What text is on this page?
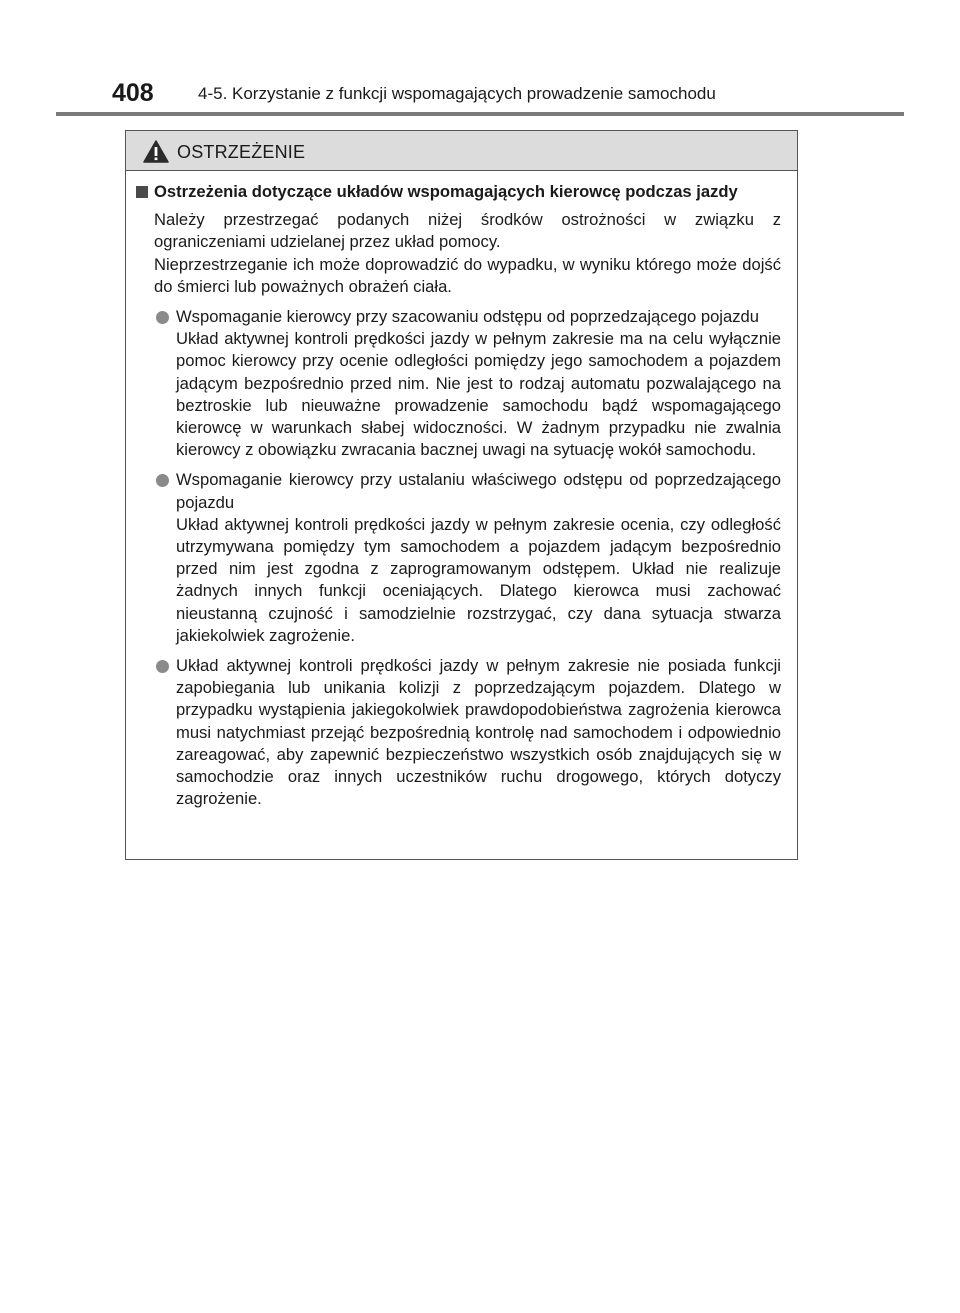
408	4-5. Korzystanie z funkcji wspomagających prowadzenie samochodu
OSTRZEŻENIE
Ostrzeżenia dotyczące układów wspomagających kierowcę podczas jazdy

Należy przestrzegać podanych niżej środków ostrożności w związku z ograniczeniami udzielanej przez układ pomocy.

Nieprzestrzeganie ich może doprowadzić do wypadku, w wyniku którego może dojść do śmierci lub poważnych obrażeń ciała.

Wspomaganie kierowcy przy szacowaniu odstępu od poprzedzającego pojazdu

Układ aktywnej kontroli prędkości jazdy w pełnym zakresie ma na celu wyłącznie pomoc kierowcy przy ocenie odległości pomiędzy jego samochodem a pojazdem jadącym bezpośrednio przed nim. Nie jest to rodzaj automatu pozwalającego na beztroskie lub nieuważne prowadzenie samochodu bądź wspomagającego kierowcę w warunkach słabej widoczności. W żadnym przypadku nie zwalnia kierowcy z obowiązku zwracania bacznej uwagi na sytuację wokół samochodu.

Wspomaganie kierowcy przy ustalaniu właściwego odstępu od poprzedzającego pojazdu

Układ aktywnej kontroli prędkości jazdy w pełnym zakresie ocenia, czy odległość utrzymywana pomiędzy tym samochodem a pojazdem jadącym bezpośrednio przed nim jest zgodna z zaprogramowanym odstępem. Układ nie realizuje żadnych innych funkcji oceniających. Dlatego kierowca musi zachować nieustanną czujność i samodzielnie rozstrzygać, czy dana sytuacja stwarza jakiekolwiek zagrożenie.

Układ aktywnej kontroli prędkości jazdy w pełnym zakresie nie posiada funkcji zapobiegania lub unikania kolizji z poprzedzającym pojazdem. Dlatego w przypadku wystąpienia jakiegokolwiek prawdopodobieństwa zagrożenia kierowca musi natychmiast przejąć bezpośrednią kontrolę nad samochodem i odpowiednio zareagować, aby zapewnić bezpieczeństwo wszystkich osób znajdujących się w samochodzie oraz innych uczestników ruchu drogowego, których dotyczy zagrożenie.
